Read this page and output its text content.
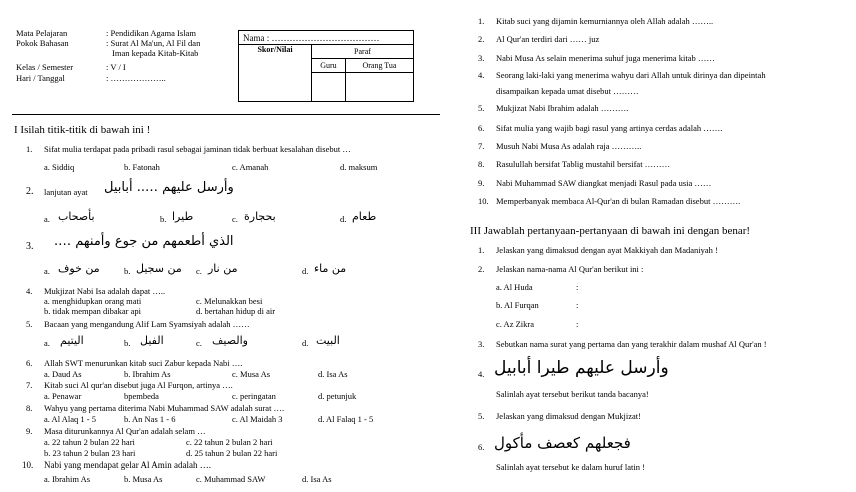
Mata Pelajaran	: Pendidikan Agama Islam
Pokok Bahasan	: Surat Al Ma'un, Al Fil dan
Iman kepada Kitab-Kitab
Kelas / Semester	: V / I
Hari / Tanggal	: ………………..
Nama : ………………………………		
Skor/Nilai	Paraf	
	Guru	Orang Tua

I Isilah titik-titik di bawah ini !
1. Sifat mulia terdapat pada pribadi rasul sebagai jaminan tidak berbuat kesalahan disebut …
a. Siddiq	b. Fatonah	c. Amanah	d. maksum
2. lanjutan ayat وأرسل عليهم ….. أبابيل
a. بأصحاب	b. طيرا	c. بحجارة	d. طعام
3. الذي أطعمهم من جوع وأمنهم ….
a. من خوف	b. من سجيل c. من نار	d. من ماء
4. Mukjizat Nabi Isa adalah dapat …..
a. menghidupkan orang mati	c. Melunakkan besi
b. tidak mempan dibakar api	d. bertahan hidup di air
5. Bacaan yang mengandung Alif Lam Syamsiyah adalah ……
a. اليتيم	b. الفيل	c. والصيف	d. البيت
6. Allah SWT menurunkan kitab suci Zabur kepada Nabi ….
a. Daud As	b. Ibrahim As	c. Musa As	d. Isa As
7. Kitab suci Al qur'an disebut juga Al Furqon, artinya ….
a. Penawar	bpembeda	c. peringatan	d. petunjuk
8. Wahyu yang pertama diterima Nabi Muhammad SAW adalah surat ….
a. Al Alaq 1 - 5	b. An Nas 1 - 6	c. Al Maidah 3	d. Al Falaq 1 - 5
9. Masa diturunkannya Al Qur'an adalah selam …
a. 22 tahun 2 bulan 22 hari	c. 22 tahun 2 bulan 2 hari
b. 23 tahun 2 bulan 23 hari	d. 25 tahun 2 bulan 22 hari
10. Nabi yang mendapat gelar Al Amin adalah ….
a. Ibrahim As	b. Musa As	c. Muhammad SAW	d. Isa As
1. Kitab suci yang dijamin kemurniannya oleh Allah adalah ……..
2. Al Qur'an terdiri dari …… juz
3. Nabi Musa As selain menerima suhuf juga menerima kitab ……
4. Seorang laki-laki yang menerima wahyu dari Allah untuk dirinya dan dipeintah
disampaikan kepada umat disebut ………
5. Mukjizat Nabi Ibrahim adalah ……….
6. Sifat mulia yang wajib bagi rasul yang artinya cerdas adalah …….
7. Musuh Nabi Musa As adalah raja ………..
8. Rasulullah bersifat Tablig mustahil bersifat ………
9. Nabi Muhammad SAW diangkat menjadi Rasul pada usia ……
10. Memperbanyak membaca Al-Qur'an di bulan Ramadan disebut ……….
III Jawablah pertanyaan-pertanyaan di bawah ini dengan benar!
1. Jelaskan yang dimaksud dengan ayat Makkiyah dan Madaniyah !
2. Jelaskan nama-nama Al Qur'an berikut ini :
a. Al Huda	:
b. Al Furqan	:
c. Az Zikra	:
3. Sebutkan nama surat yang pertama dan yang terakhir dalam mushaf Al Qur'an !
4. وأرسل عليهم طيرا أبابيل
Salinlah ayat tersebut berikut tanda bacanya!
5. Jelaskan yang dimaksud dengan Mukjizat!
6. فجعلهم كعصف مأكول
Salinlah ayat tersebut ke dalam huruf latin !
